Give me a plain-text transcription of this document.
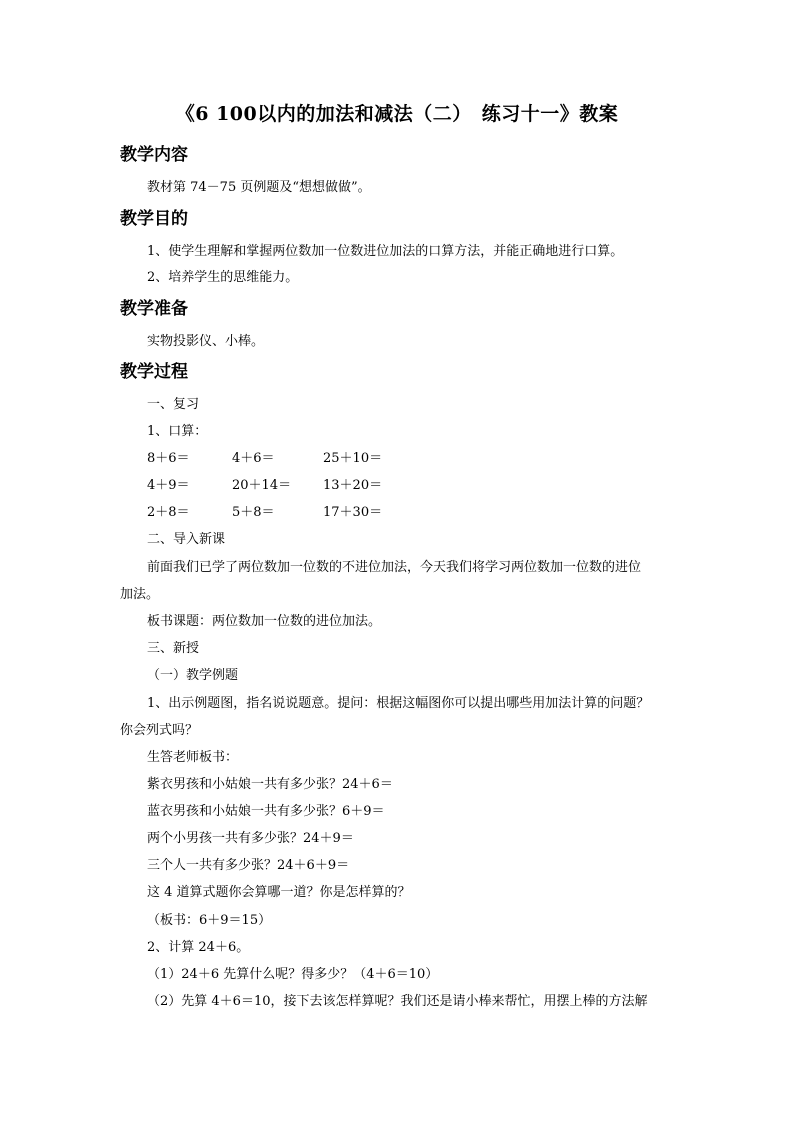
《6 100以内的加法和减法（二）　练习十一》教案
教学内容
教材第 74－75 页例题及“想想做做”。
教学目的
1、使学生理解和掌握两位数加一位数进位加法的口算方法，并能正确地进行口算。
2、培养学生的思维能力。
教学准备
实物投影仪、小棒。
教学过程
一、复习
1、口算：
8＋6＝	4＋6＝	25＋10＝
4＋9＝	20＋14＝ 13＋20＝
2＋8＝	5＋8＝	17＋30＝
二、导入新课
前面我们已学了两位数加一位数的不进位加法，今天我们将学习两位数加一位数的进位
加法。
板书课题：两位数加一位数的进位加法。
三、新授
（一）教学例题
1、出示例题图，指名说说题意。提问：根据这幅图你可以提出哪些用加法计算的问题？
你会列式吗？
生答老师板书：
紫衣男孩和小姑娘一共有多少张？24＋6＝
蓝衣男孩和小姑娘一共有多少张？6＋9＝
两个小男孩一共有多少张？24＋9＝
三个人一共有多少张？24＋6＋9＝
这 4 道算式题你会算哪一道？你是怎样算的？
（板书：6＋9＝15）
2、计算 24＋6。
（1）24＋6 先算什么呢？得多少？（4＋6＝10）
（2）先算 4＋6＝10，接下去该怎样算呢？我们还是请小棒来帮忙，用摆上棒的方法解
